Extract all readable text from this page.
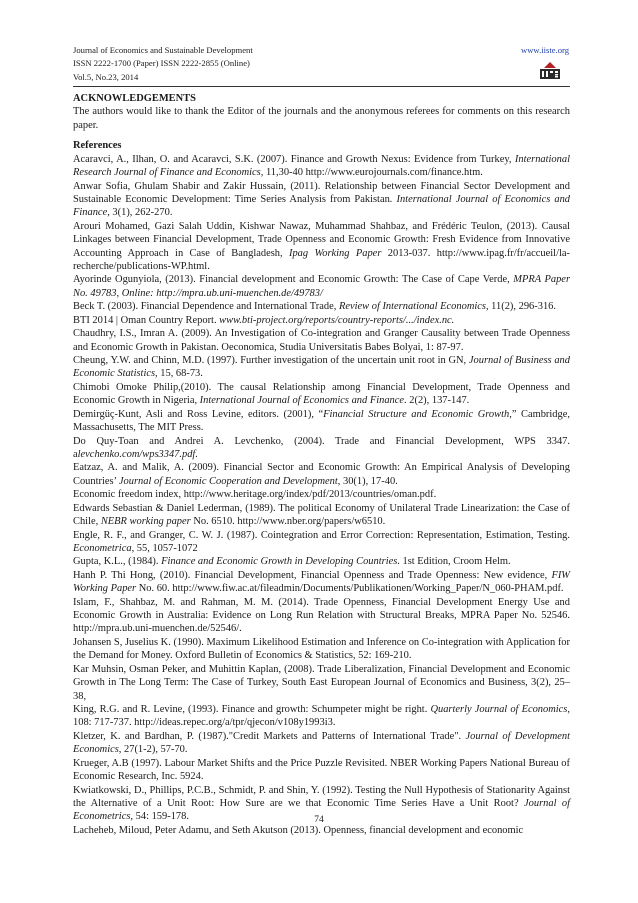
Journal of Economics and Sustainable Development
ISSN 2222-1700 (Paper) ISSN 2222-2855 (Online)
Vol.5, No.23, 2014
www.iiste.org

ACKNOWLEDGEMENTS

The authors would like to thank the Editor of the journals and the anonymous referees for comments on this research paper.

References

Acaravci, A., Ilhan, O. and Acaravci, S.K. (2007). Finance and Growth Nexus: Evidence from Turkey, International Research Journal of Finance and Economics, 11,30-40 http://www.eurojournals.com/finance.htm.

Anwar Sofia, Ghulam Shabir and Zakir Hussain, (2011). Relationship between Financial Sector Development and Sustainable Economic Development: Time Series Analysis from Pakistan. International Journal of Economics and Finance, 3(1), 262-270.

Arouri Mohamed, Gazi Salah Uddin, Kishwar Nawaz, Muhammad Shahbaz, and Frédéric Teulon, (2013). Causal Linkages between Financial Development, Trade Openness and Economic Growth: Fresh Evidence from Innovative Accounting Approach in Case of Bangladesh, Ipag Working Paper 2013-037. http://www.ipag.fr/fr/accueil/la-recherche/publications-WP.html.

Ayorinde Ogunyiola, (2013). Financial development and Economic Growth: The Case of Cape Verde, MPRA Paper No. 49783, Online: http://mpra.ub.uni-muenchen.de/49783/

Beck T. (2003). Financial Dependence and International Trade, Review of International Economics, 11(2), 296-316.

BTI 2014 | Oman Country Report. www.bti-project.org/reports/country-reports/.../index.nc.

Chaudhry, I.S., Imran A. (2009). An Investigation of Co-integration and Granger Causality between Trade Openness and Economic Growth in Pakistan. Oeconomica, Studia Universitatis Babes Bolyai, 1: 87-97.

Cheung, Y.W. and Chinn, M.D. (1997). Further investigation of the uncertain unit root in GN, Journal of Business and Economic Statistics, 15, 68-73.

Chimobi Omoke Philip,(2010). The causal Relationship among Financial Development, Trade Openness and Economic Growth in Nigeria, International Journal of Economics and Finance. 2(2), 137-147.

Demirgüç-Kunt, Asli and Ross Levine, editors. (2001), “Financial Structure and Economic Growth,” Cambridge, Massachusetts, The MIT Press.

Do Quy-Toan and Andrei A. Levchenko, (2004). Trade and Financial Development, WPS 3347. alevchenko.com/wps3347.pdf.

Eatzaz, A. and Malik, A. (2009). Financial Sector and Economic Growth: An Empirical Analysis of Developing Countries’ Journal of Economic Cooperation and Development, 30(1), 17-40.

Economic freedom index, http://www.heritage.org/index/pdf/2013/countries/oman.pdf.

Edwards Sebastian & Daniel Lederman, (1989). The political Economy of Unilateral Trade Linearization: the Case of Chile, NEBR working paper No. 6510. http://www.nber.org/papers/w6510.

Engle, R. F., and Granger, C. W. J. (1987). Cointegration and Error Correction: Representation, Estimation, Testing. Econometrica, 55, 1057-1072

Gupta, K.L., (1984). Finance and Economic Growth in Developing Countries. 1st Edition, Croom Helm.

Hanh P. Thi Hong, (2010). Financial Development, Financial Openness and Trade Openness: New evidence, FIW Working Paper No. 60. http://www.fiw.ac.at/fileadmin/Documents/Publikationen/Working_Paper/N_060-PHAM.pdf.

Islam, F., Shahbaz, M. and Rahman, M. M. (2014). Trade Openness, Financial Development Energy Use and Economic Growth in Australia: Evidence on Long Run Relation with Structural Breaks, MPRA Paper No. 52546. http://mpra.ub.uni-muenchen.de/52546/.

Johansen S, Juselius K. (1990). Maximum Likelihood Estimation and Inference on Co-integration with Application for the Demand for Money. Oxford Bulletin of Economics & Statistics, 52: 169-210.

Kar Muhsin, Osman Peker, and Muhittin Kaplan, (2008). Trade Liberalization, Financial Development and Economic Growth in The Long Term: The Case of Turkey, South East European Journal of Economics and Business, 3(2), 25–38,

King, R.G. and R. Levine, (1993). Finance and growth: Schumpeter might be right. Quarterly Journal of Economics, 108: 717-737. http://ideas.repec.org/a/tpr/qjecon/v108y1993i3.

Kletzer, K. and Bardhan, P. (1987)."Credit Markets and Patterns of International Trade". Journal of Development Economics, 27(1-2), 57-70.

Krueger, A.B (1997). Labour Market Shifts and the Price Puzzle Revisited. NBER Working Papers National Bureau of Economic Research, Inc. 5924.

Kwiatkowski, D., Phillips, P.C.B., Schmidt, P. and Shin, Y. (1992). Testing the Null Hypothesis of Stationarity Against the Alternative of a Unit Root: How Sure are we that Economic Time Series Have a Unit Root? Journal of Econometrics, 54: 159-178.

Lacheheb, Miloud, Peter Adamu, and Seth Akutson (2013). Openness, financial development and economic

74
